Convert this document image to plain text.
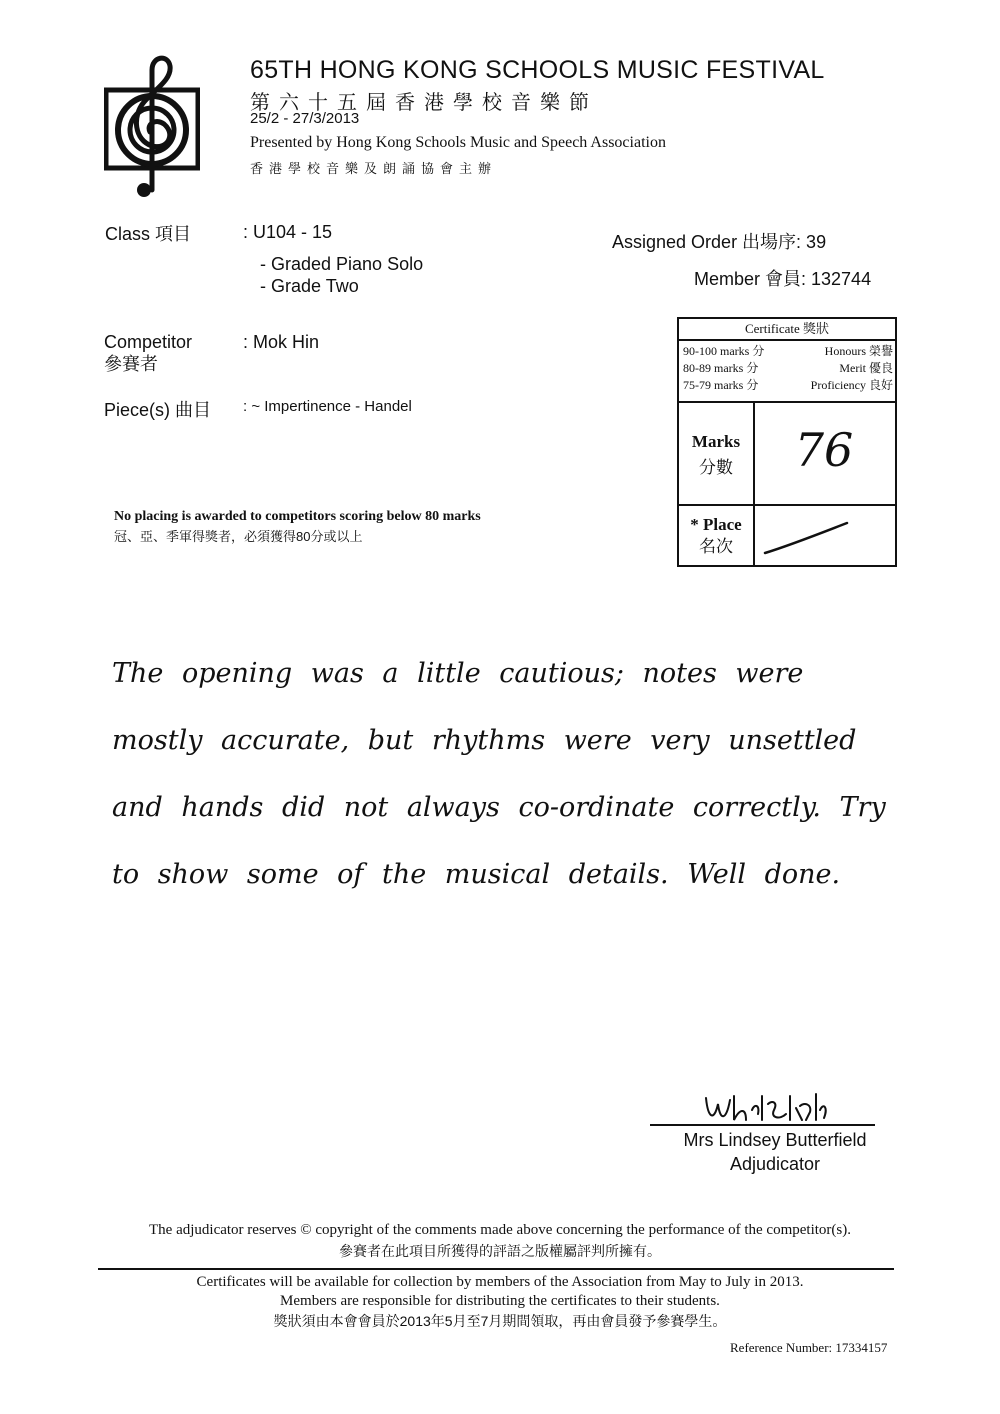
65TH HONG KONG SCHOOLS MUSIC FESTIVAL
第六十五屆香港學校音樂節
25/2 - 27/3/2013
Presented by Hong Kong Schools Music and Speech Association
香港學校音樂及朗誦協會主辦
Class 項目	: U104 - 15
- Graded Piano Solo
- Grade Two
Assigned Order 出場序: 39
Member 會員: 132744
Competitor
參賽者
: Mok Hin
Piece(s) 曲目 : ~ Impertinence - Handel
Certificate 獎狀
90-100 marks 分	Honours 榮譽
80-89 marks 分	Merit 優良
75-79 marks 分	Proficiency 良好
Marks
分數	76
* Place
名次
No placing is awarded to competitors scoring below 80 marks
冠、亞、季軍得獎者，必須獲得80分或以上
The opening was a little cautious; notes were mostly accurate, but rhythms were very unsettled and hands did not always co-ordinate correctly. Try to show some of the musical details. Well done.
Mrs Lindsey Butterfield
Adjudicator
The adjudicator reserves © copyright of the comments made above concerning the performance of the competitor(s).
參賽者在此項目所獲得的評語之版權屬評判所擁有。
Certificates will be available for collection by members of the Association from May to July in 2013.
Members are responsible for distributing the certificates to their students.
獎狀須由本會會員於2013年5月至7月期間領取，再由會員發予參賽學生。
Reference Number: 17334157
